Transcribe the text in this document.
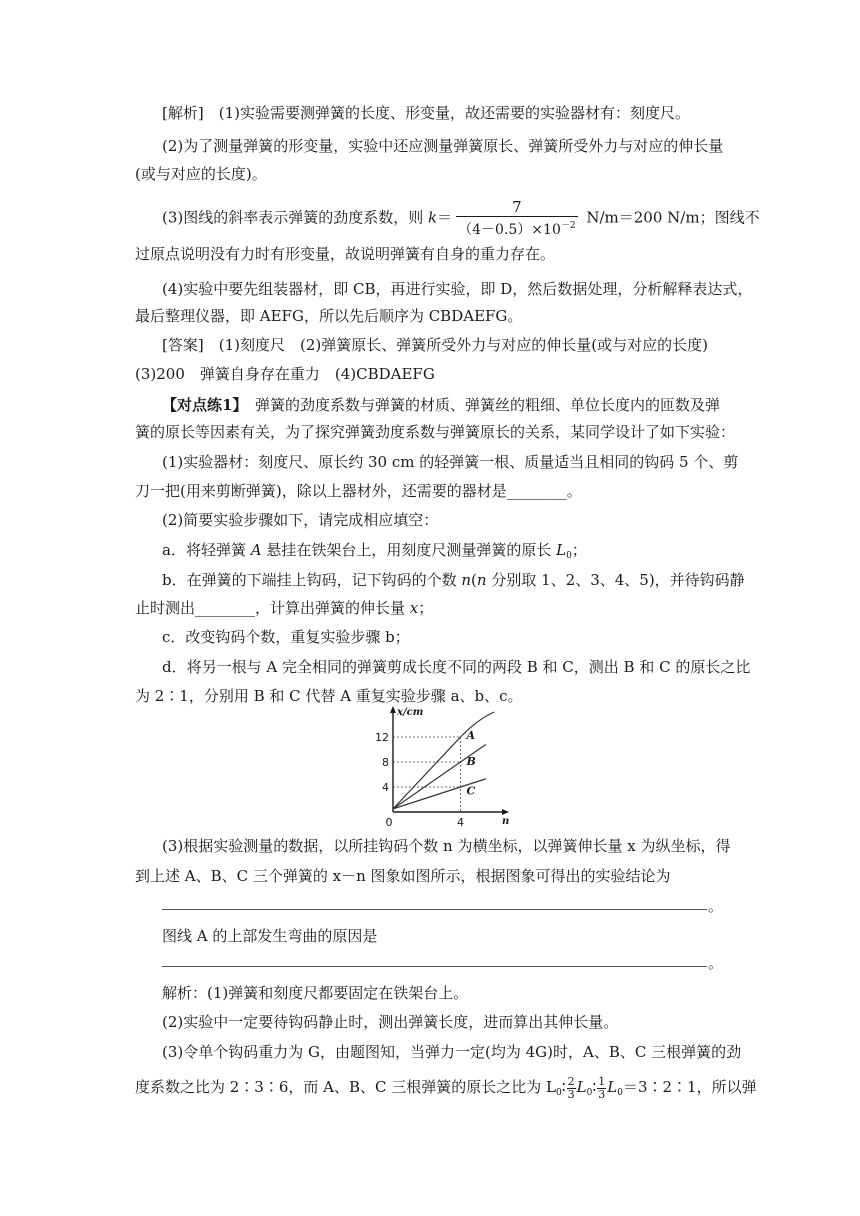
[解析]　 (1)实验需要测弹簧的长度、形变量，故还需要的实验器材有：刻度尺。
(2)为了测量弹簧的形变量，实验中还应测量弹簧原长、弹簧所受外力与对应的伸长量
(或与对应的长度)。
(3)图线的斜率表示弹簧的劲度系数，则 $k= \frac{7}{(4-0.5)\times 10^{-2}} N/m=200$ N/m；图线不
过原点说明没有力时有形变量，故说明弹簧有自身的重力存在。
(4)实验中要先组装器材，即 CB，再进行实验，即 D，然后数据处理，分析解释表达式，
最后整理仪器，即 AEFG，所以先后顺序为 CBDAEFG。
[答案]　 (1)刻度尺　(2)弹簧原长、弹簧所受外力与对应的伸长量(或与对应的长度)
(3)200　弹簧自身存在重力　(4)CBDAEFG
【对点练1】　弹簧的劲度系数与弹簧的材质、弹簧丝的粗细、单位长度内的匝数及弹
簧的原长等因素有关，为了探究弹簧劲度系数与弹簧原长的关系，某同学设计了如下实验：
(1)实验器材：刻度尺、原长约 30 cm 的轻弹簧一根、质量适当且相同的钩码 5 个、剪
刀一把(用来剪断弹簧)，除以上器材外，还需要的器材是________。
(2)简要实验步骤如下，请完成相应填空：
a．将轻弹簧 A 悬挂在铁架台上，用刻度尺测量弹簧的原长 $L_0$；
b．在弹簧的下端挂上钩码，记下钩码的个数 n(n 分别取 1、2、3、4、5)，并待钩码静
止时测出________，计算出弹簧的伸长量 x；
c．改变钩码个数，重复实验步骤 b；
d．将另一根与 A 完全相同的弹簧剪成长度不同的两段 B 和 C，测出 B 和 C 的原长之比
为 2∶1，分别用 B 和 C 代替 A 重复实验步骤 a、b、c。
x/cm
n
4
8
12
0	4
A
B
C
(3)根据实验测量的数据，以所挂钩码个数 n 为横坐标，以弹簧伸长量 x 为纵坐标，得
到上述 A、B、C 三个弹簧的 x－n 图象如图所示，根据图象可得出的实验结论为
。
图线 A 的上部发生弯曲的原因是
。
解析：(1)弹簧和刻度尺都要固定在铁架台上。
(2)实验中一定要待钩码静止时，测出弹簧长度，进而算出其伸长量。
(3)令单个钩码重力为 G，由题图知，当弹力一定(均为 4G)时，A、B、C 三根弹簧的劲
度系数之比为 2∶3∶6，而 A、B、C 三根弹簧的原长之比为 $L_0∶ \frac{2}{3}$ $L_0∶ \frac{1}{3}$ $L_0=3∶2∶1$，所以弹
